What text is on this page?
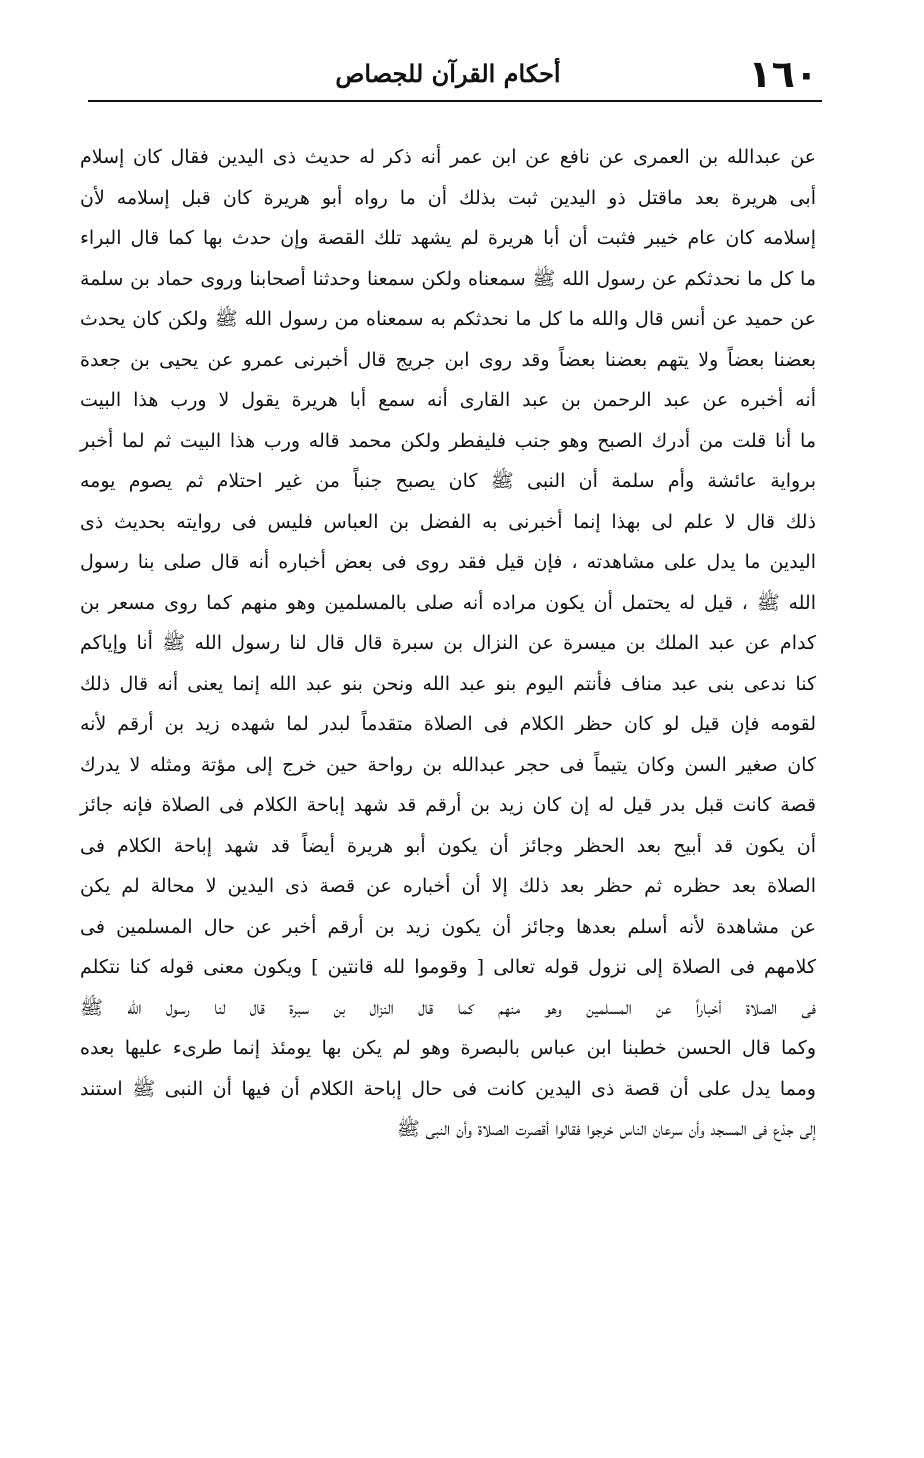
١٦٠
أحكام القرآن للجصاص
عن عبدالله بن العمرى عن نافع عن ابن عمر أنه ذكر له حديث ذى اليدين فقال كان إسلام
أبى هريرة بعد ماقتل ذو اليدين ثبت بذلك أن ما رواه أبو هريرة كان قبل إسلامه لأن
إسلامه كان عام خيبر فثبت أن أبا هريرة لم يشهد تلك القصة وإن حدث بها كما قال البراء
ما كل ما نحدثكم عن رسول الله ﷺ سمعناه ولكن سمعنا وحدثنا أصحابنا وروى حماد بن سلمة
عن حميد عن أنس قال والله ما كل ما نحدثكم به سمعناه من رسول الله ﷺ ولكن كان يحدث
بعضنا بعضاً ولا يتهم بعضنا بعضاً وقد روى ابن جريج قال أخبرنى عمرو عن يحيى بن جعدة
أنه أخبره عن عبد الرحمن بن عبد القارى أنه سمع أبا هريرة يقول لا ورب هذا البيت
ما أنا قلت من أدرك الصبح وهو جنب فليفطر ولكن محمد قاله ورب هذا البيت ثم لما أخبر
برواية عائشة وأم سلمة أن النبى ﷺ كان يصبح جنباً من غير احتلام ثم يصوم يومه
ذلك قال لا علم لى بهذا إنما أخبرنى به الفضل بن العباس فليس فى روايته بحديث ذى
اليدين ما يدل على مشاهدته ، فإن قيل فقد روى فى بعض أخباره أنه قال صلى بنا رسول
الله ﷺ ، قيل له يحتمل أن يكون مراده أنه صلى بالمسلمين وهو منهم كما روى مسعر بن
كدام عن عبد الملك بن ميسرة عن النزال بن سبرة قال قال لنا رسول الله ﷺ أنا وإياكم
كنا ندعى بنى عبد مناف فأنتم اليوم بنو عبد الله ونحن بنو عبد الله إنما يعنى أنه قال ذلك
لقومه فإن قيل لو كان حظر الكلام فى الصلاة متقدماً لبدر لما شهده زيد بن أرقم لأنه
كان صغير السن وكان يتيماً فى حجر عبدالله بن رواحة حين خرج إلى مؤتة ومثله لا يدرك
قصة كانت قبل بدر قيل له إن كان زيد بن أرقم قد شهد إباحة الكلام فى الصلاة فإنه جائز
أن يكون قد أبيح بعد الحظر وجائز أن يكون أبو هريرة أيضاً قد شهد إباحة الكلام فى
الصلاة بعد حظره ثم حظر بعد ذلك إلا أن أخباره عن قصة ذى اليدين لا محالة لم يكن
عن مشاهدة لأنه أسلم بعدها وجائز أن يكون زيد بن أرقم أخبر عن حال المسلمين فى
كلامهم فى الصلاة إلى نزول قوله تعالى [ وقوموا لله قانتين ] ويكون معنى قوله كنا نتكلم
فى الصلاة أخباراً عن المسلمين وهو منهم كما قال النزال بن سبرة قال لنا رسول الله ﷺ
وكما قال الحسن خطبنا ابن عباس بالبصرة وهو لم يكن بها يومئذ إنما طرىء عليها بعده
ومما يدل على أن قصة ذى اليدين كانت فى حال إباحة الكلام أن فيها أن النبى ﷺ استند
إلى جذع فى المسجد وأن سرعان الناس خرجوا فقالوا أقصرت الصلاة وأن النبى ﷺ
